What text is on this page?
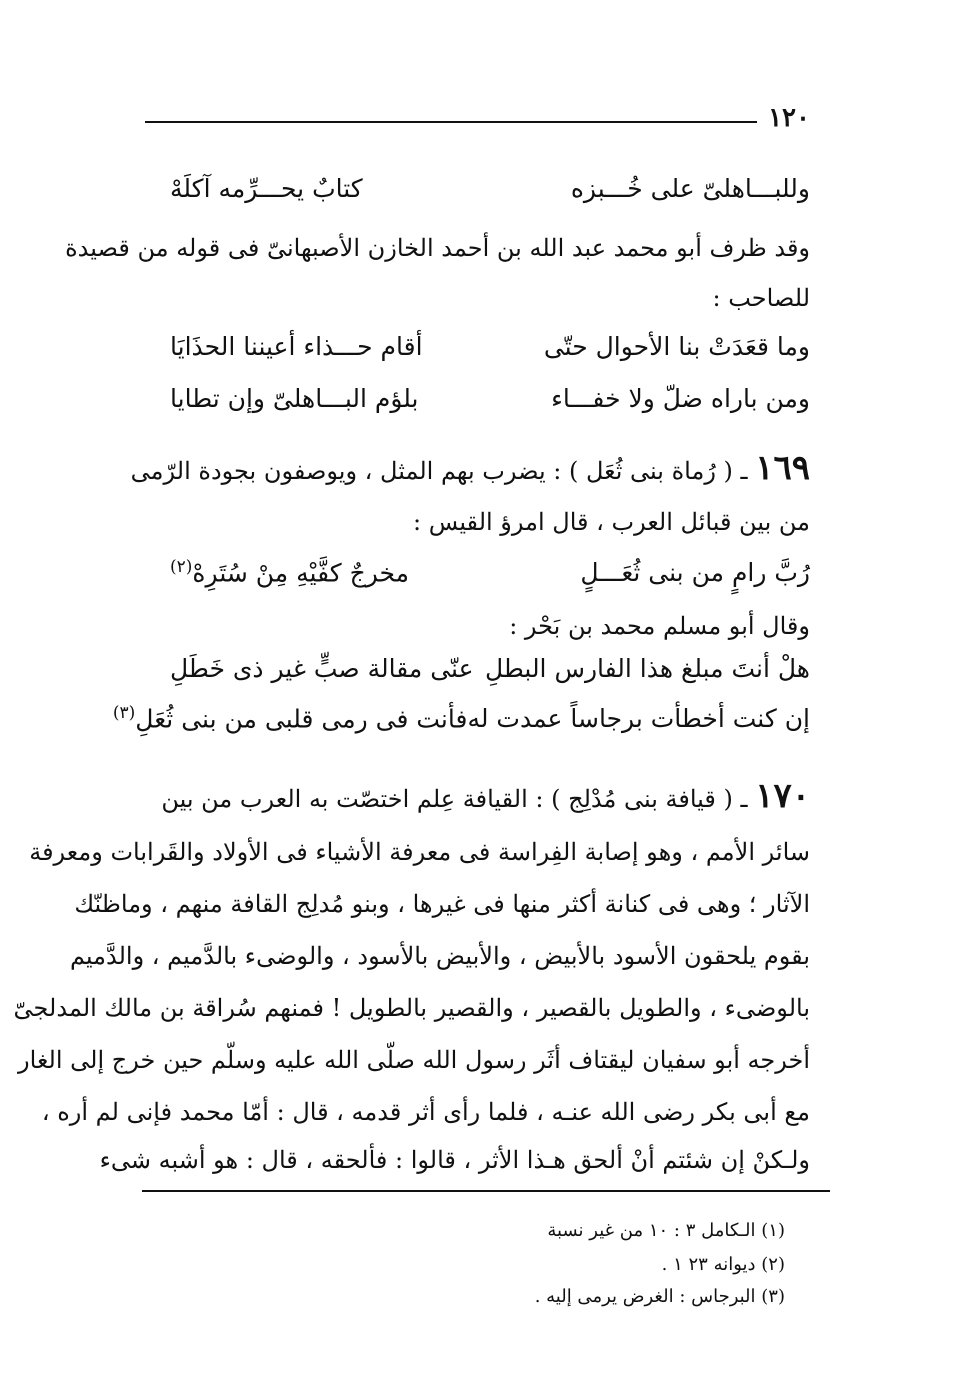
١٢٠
وللبـــاهلىّ على خُـــبزه
كتابٌ يحـــرِّمه آكلَهْ
وقد ظرف أبو محمد عبد الله بن أحمد الخازن الأصبهانىّ فى قوله من قصيدة
للصاحب :
وما قعَدَتْ بنا الأحوال حتّى
أقام حـــذاء أعيننا الحذَايَا
ومن باراه ضلّ ولا خفـــاء
بلؤم البـــاهلىّ وإن تطايا
١٦٩ ـ ( رُماة بنى ثُعَل ) : يضرب بهم المثل ، ويوصفون بجودة الرّمى
من بين قبائل العرب ، قال امرؤ القيس :
رُبَّ رامٍ من بنى ثُعَـــلٍ
مخرجٌ كفَّيْهِ مِنْ سُتَرِهْ$^{(٢)}$
وقال أبو مسلم محمد بن بَحْر :
هلْ أنتَ مبلغ هذا الفارس البطلِ
عنّى مقالة صبٍّ غير ذى خَطَلِ
إن كنت أخطأت برجاساً عمدت له
فأنت فى رمى قلبى من بنى ثُعَلِ$^{(٣)}$
١٧٠ ـ ( قيافة بنى مُدْلِج ) : القيافة عِلم اختصّت به العرب من بين
سائر الأمم ، وهو إصابة الفِراسة فى معرفة الأشياء فى الأولاد والقَرابات ومعرفة
الآثار ؛ وهى فى كنانة أكثر منها فى غيرها ، وبنو مُدلِج القافة منهم ، وماظنّك
بقوم يلحقون الأسود بالأبيض ، والأبيض بالأسود ، والوضىء بالدَّميم ، والدَّميم
بالوضىء ، والطويل بالقصير ، والقصير بالطويل ! فمنهم سُراقة بن مالك المدلجىّ
أخرجه أبو سفيان ليقتاف أثَر رسول الله صلّى الله عليه وسلّم حين خرج إلى الغار
مع أبى بكر رضى الله عنـه ، فلما رأى أثر قدمه ، قال : أمّا محمد فإنى لم أره ،
ولـكنْ إن شئتم أنْ ألحق هـذا الأثر ، قالوا : فألحقه ، قال : هو أشبه شىء
(١) الـكامل ٣ : ١٠ من غير نسبة
(٢) ديوانه ٢٣ ١ .
(٣) البرجاس : الغرض يرمى إليه .
